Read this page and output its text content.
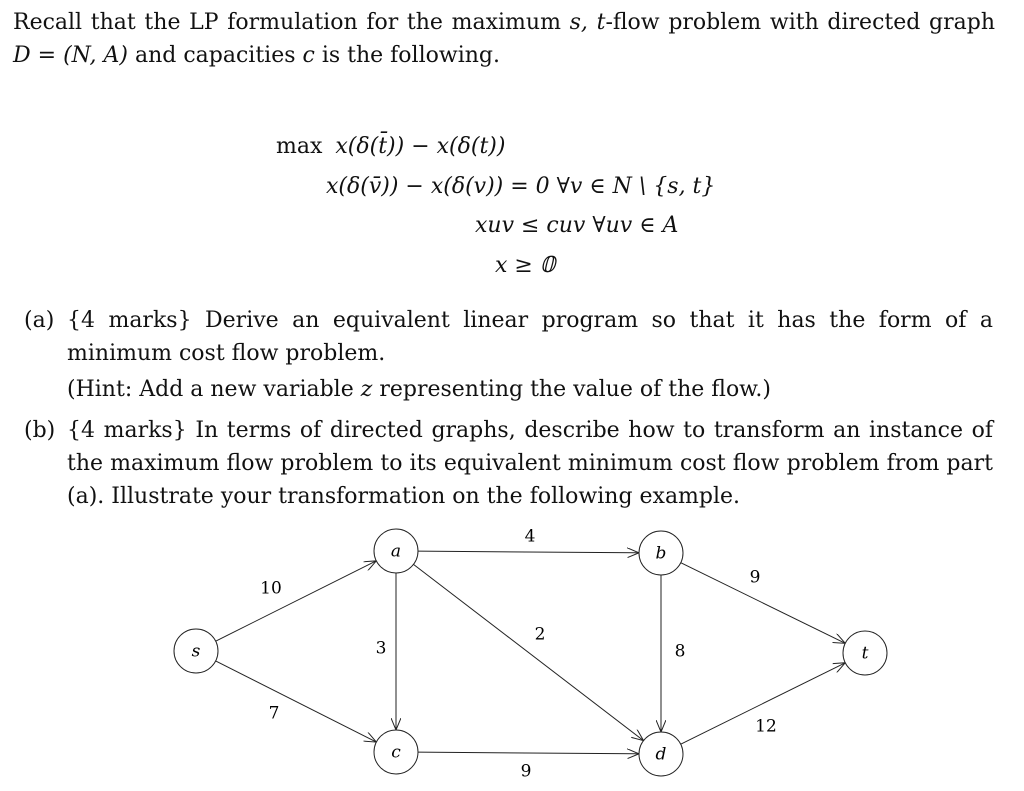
Recall that the LP formulation for the maximum s, t-flow problem with directed graph D = (N, A) and capacities c is the following.

max x(δ(t̄)) − x(δ(t))
x(δ(v̄)) − x(δ(v)) = 0 ∀v ∈ N \ {s, t}
xuv ≤ cuv ∀uv ∈ A
x ≥ 𝟘
(a) {4 marks} Derive an equivalent linear program so that it has the form of a minimum cost flow problem.
(Hint: Add a new variable z representing the value of the flow.)
(b) {4 marks} In terms of directed graphs, describe how to transform an instance of the maximum flow problem to its equivalent minimum cost flow problem from part (a). Illustrate your transformation on the following example.
10
7
4
3
2
8
9
9
12
s
a	b
c	d
t
